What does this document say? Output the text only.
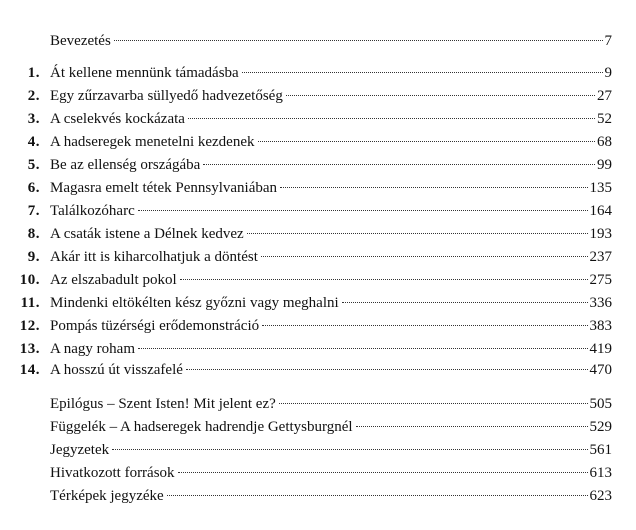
Bevezetés	7
1. Át kellene mennünk támadásba	9
2. Egy zűrzavarba süllyedő hadvezetőség	27
3. A cselekvés kockázata	52
4. A hadseregek menetelni kezdenek	68
5. Be az ellenség országába	99
6. Magasra emelt tétek Pennsylvaniában	135
7. Találkozóharc	164
8. A csaták istene a Délnek kedvez	193
9. Akár itt is kiharcolhatjuk a döntést	237
10. Az elszabadult pokol	275
11. Mindenki eltökélten kész győzni vagy meghalni	336
12. Pompás tüzérségi erődemonstráció	383
13. A nagy roham	419
14. A hosszú út visszafelé	470
Epilógus – Szent Isten! Mit jelent ez?	505
Függelék – A hadseregek hadrendje Gettysburgnél	529
Jegyzetek	561
Hivatkozott források	613
Térképek jegyzéke	623
